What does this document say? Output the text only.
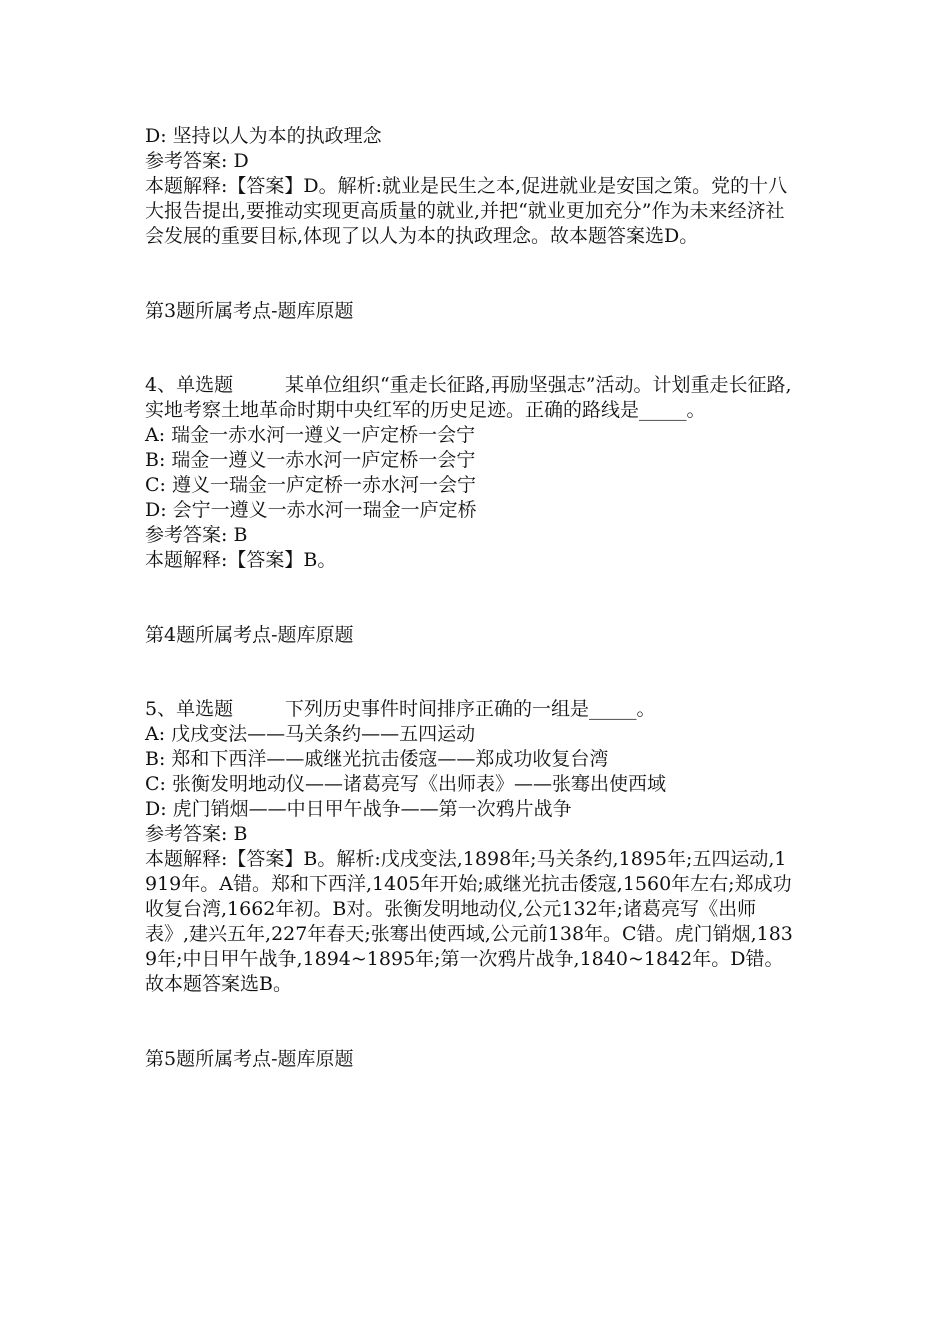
D: 坚持以人为本的执政理念
参考答案: D
本题解释:【答案】D。解析:就业是民生之本,促进就业是安国之策。党的十八大报告提出,要推动实现更高质量的就业,并把“就业更加充分”作为未来经济社会发展的重要目标,体现了以人为本的执政理念。故本题答案选D。
第3题所属考点-题库原题
4、单选题	某单位组织“重走长征路,再励坚强志”活动。计划重走长征路,实地考察土地革命时期中央红军的历史足迹。正确的路线是_____。
A: 瑞金一赤水河一遵义一庐定桥一会宁
B: 瑞金一遵义一赤水河一庐定桥一会宁
C: 遵义一瑞金一庐定桥一赤水河一会宁
D: 会宁一遵义一赤水河一瑞金一庐定桥
参考答案: B
本题解释:【答案】B。
第4题所属考点-题库原题
5、单选题	下列历史事件时间排序正确的一组是_____。
A: 戊戌变法——马关条约——五四运动
B: 郑和下西洋——戚继光抗击倭寇——郑成功收复台湾
C: 张衡发明地动仪——诸葛亮写《出师表》——张骞出使西域
D: 虎门销烟——中日甲午战争——第一次鸦片战争
参考答案: B
本题解释:【答案】B。解析:戊戌变法,1898年;马关条约,1895年;五四运动,1919年。A错。郑和下西洋,1405年开始;戚继光抗击倭寇,1560年左右;郑成功收复台湾,1662年初。B对。张衡发明地动仪,公元132年;诸葛亮写《出师表》,建兴五年,227年春天;张骞出使西域,公元前138年。C错。虎门销烟,1839年;中日甲午战争,1894~1895年;第一次鸦片战争,1840~1842年。D错。故本题答案选B。
第5题所属考点-题库原题
